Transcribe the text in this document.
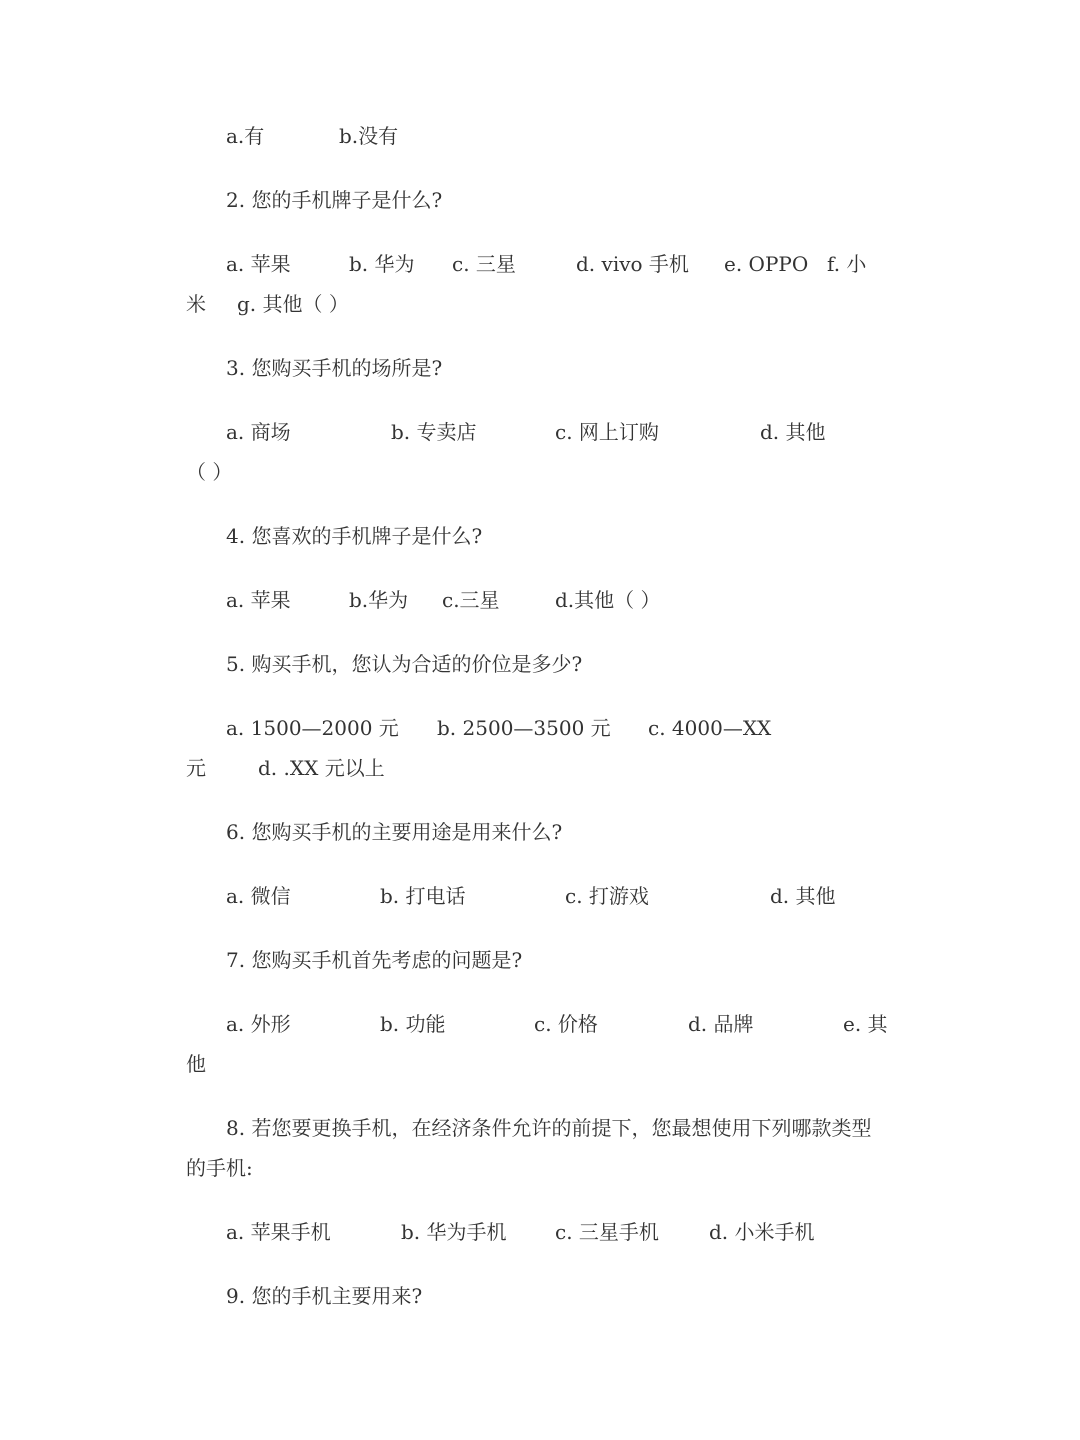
a.有	b.没有
2. 您的手机牌子是什么?
a. 苹果	b. 华为 c. 三星	d. vivo 手机 e. OPPO f. 小
米 g. 其他（ ）
3. 您购买手机的场所是?
a. 商场	b. 专卖店	c. 网上订购	d. 其他
（ ）
4. 您喜欢的手机牌子是什么?
a. 苹果	b.华为 c.三星	d.其他（ ）
5. 购买手机，您认为合适的价位是多少?
a. 1500—2000 元 b. 2500—3500 元 c. 4000—XX
元	d. .XX 元以上
6. 您购买手机的主要用途是用来什么?
a. 微信	b. 打电话	c. 打游戏	d. 其他
7. 您购买手机首先考虑的问题是?
a. 外形	b. 功能	c. 价格	d. 品牌	e. 其
他
8. 若您要更换手机，在经济条件允许的前提下，您最想使用下列哪款类型
的手机:
a. 苹果手机	b. 华为手机 c. 三星手机	d. 小米手机
9. 您的手机主要用来?
